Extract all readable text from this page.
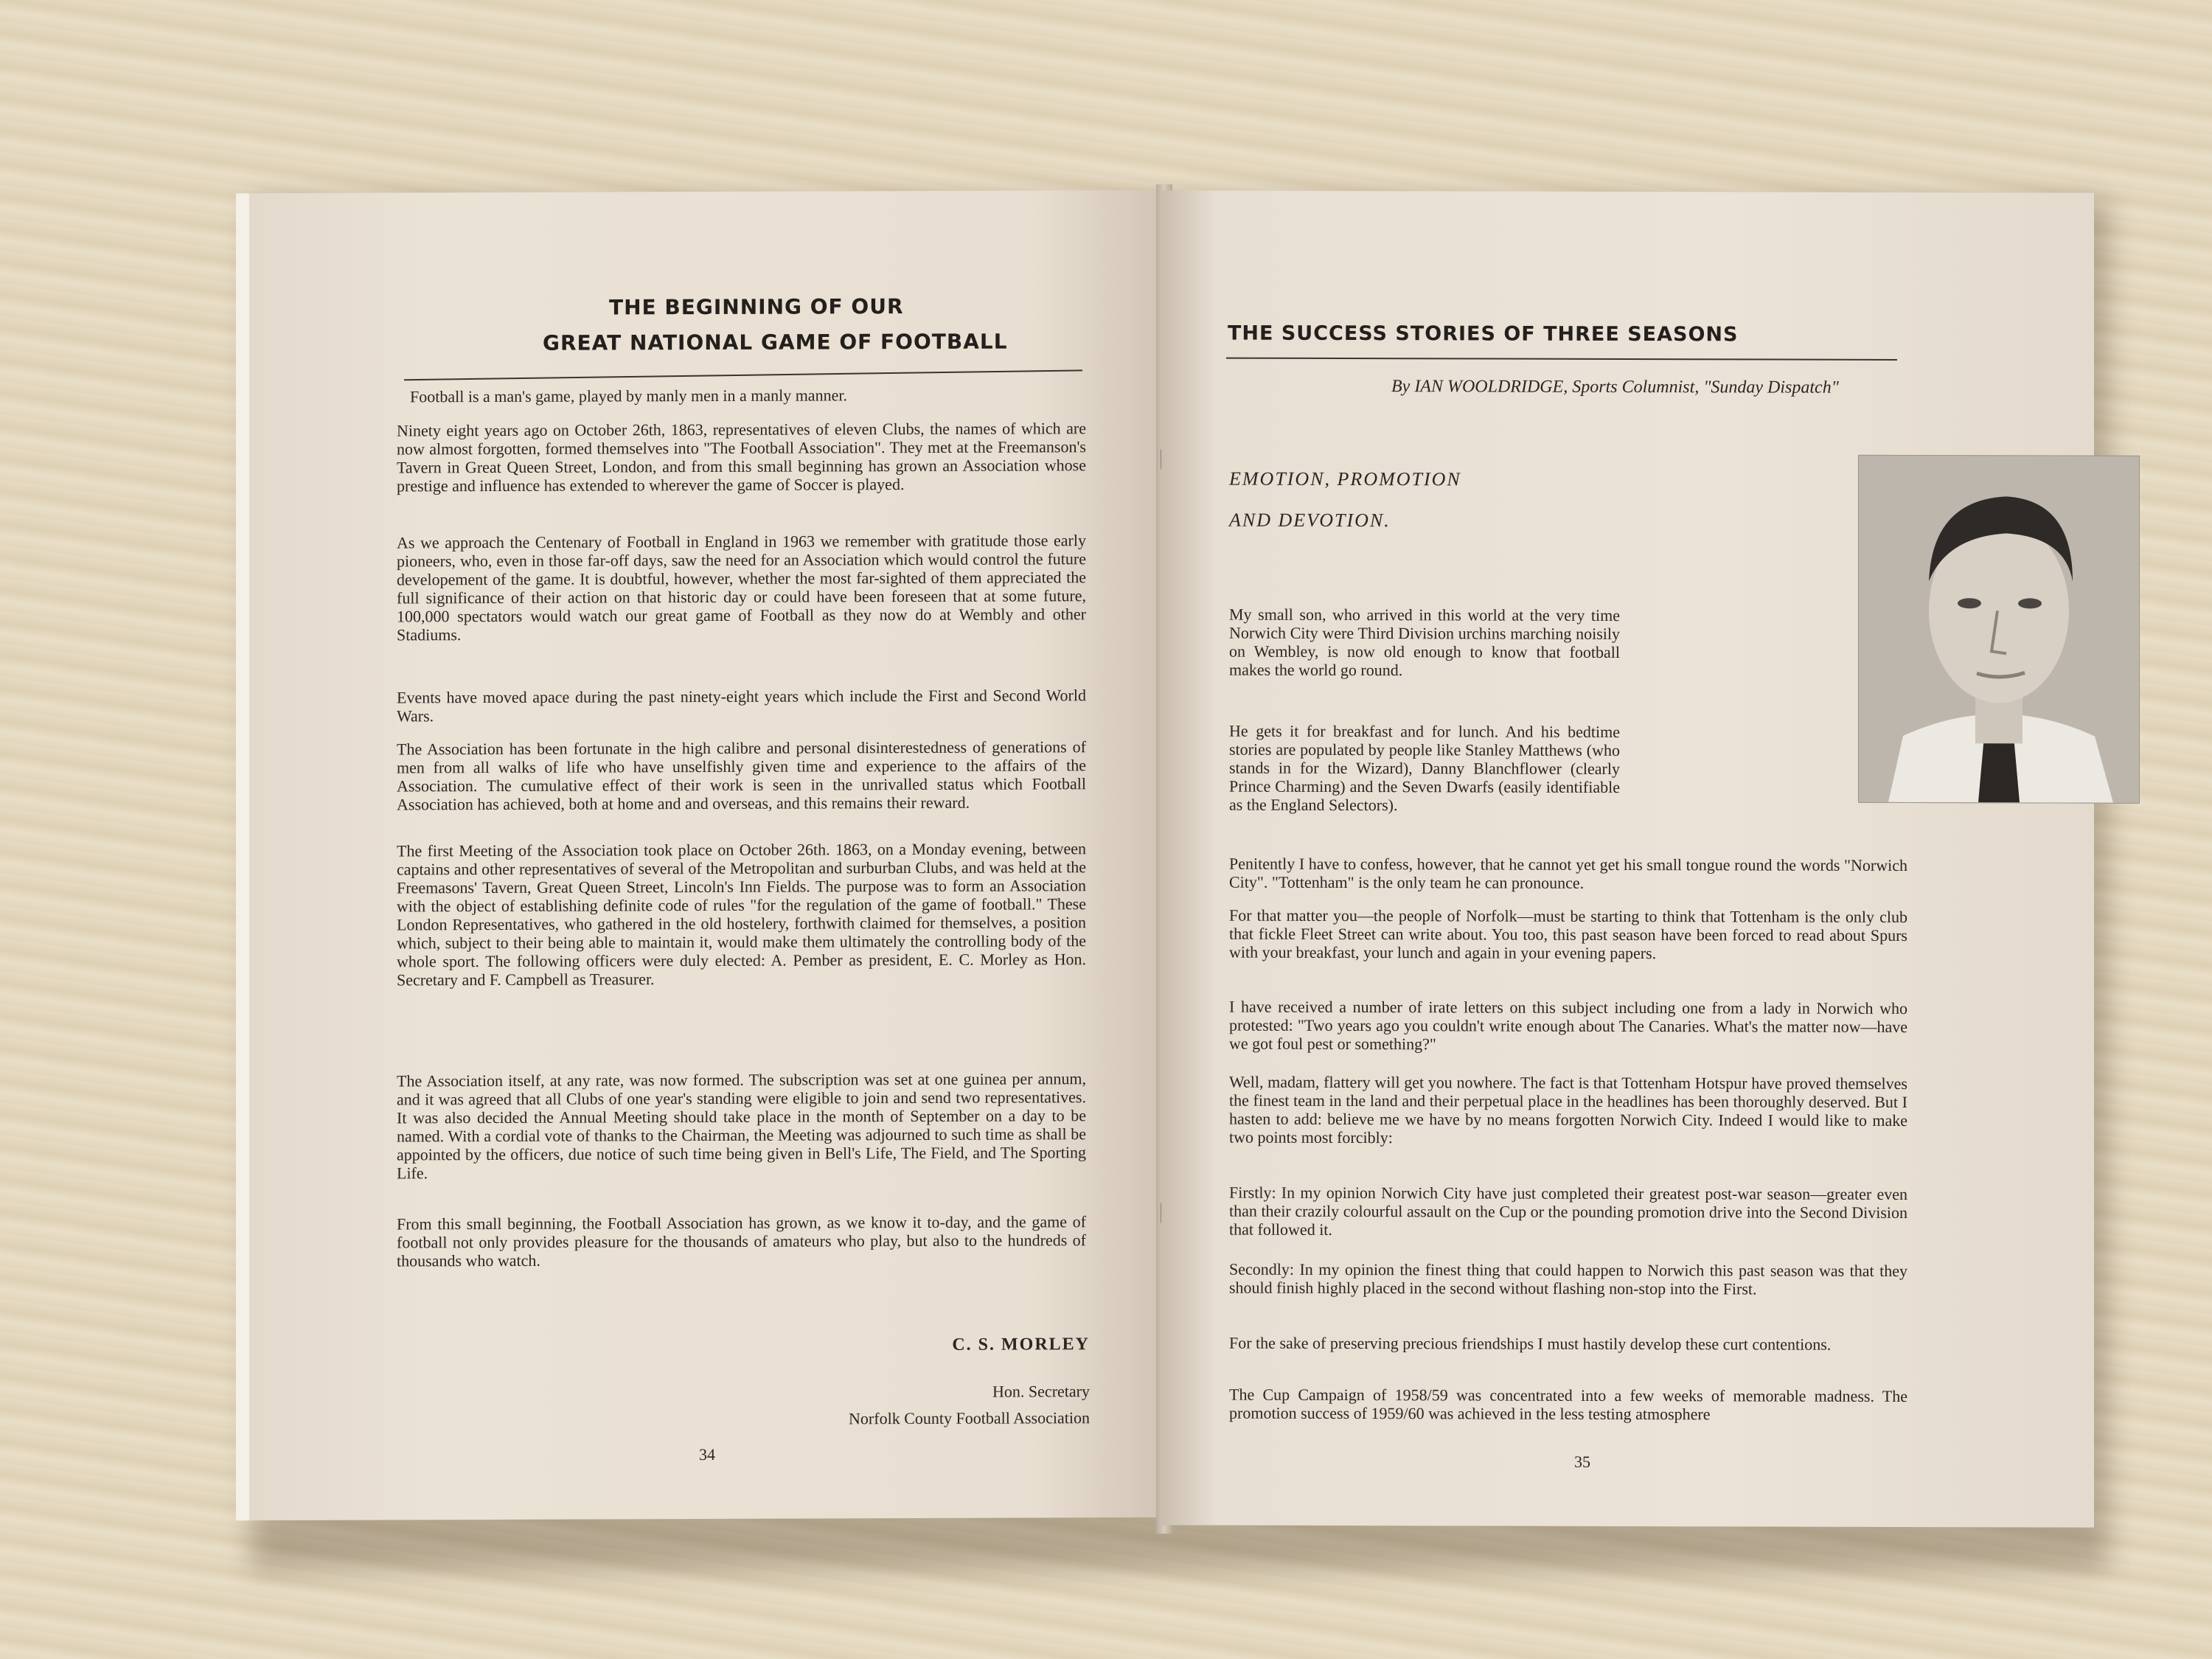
THE BEGINNING OF OUR
GREAT NATIONAL GAME OF FOOTBALL

Football is a man's game, played by manly men in a manly manner.

Ninety eight years ago on October 26th, 1863, representatives of eleven Clubs, the names of which are now almost forgotten, formed themselves into "The Football Association". They met at the Freemanson's Tavern in Great Queen Street, London, and from this small beginning has grown an Association whose prestige and influence has extended to wherever the game of Soccer is played.

As we approach the Centenary of Football in England in 1963 we remember with gratitude those early pioneers, who, even in those far-off days, saw the need for an Association which would control the future developement of the game. It is doubtful, however, whether the most far-sighted of them appreciated the full significance of their action on that historic day or could have been foreseen that at some future, 100,000 spectators would watch our great game of Football as they now do at Wembly and other Stadiums.

Events have moved apace during the past ninety-eight years which include the First and Second World Wars.

The Association has been fortunate in the high calibre and personal disinterestedness of generations of men from all walks of life who have unselfishly given time and experience to the affairs of the Association. The cumulative effect of their work is seen in the unrivalled status which Football Association has achieved, both at home and and overseas, and this remains their reward.

The first Meeting of the Association took place on October 26th. 1863, on a Monday evening, between captains and other representatives of several of the Metropolitan and surburban Clubs, and was held at the Freemasons' Tavern, Great Queen Street, Lincoln's Inn Fields. The purpose was to form an Association with the object of establishing definite code of rules "for the regulation of the game of football." These London Representatives, who gathered in the old hostelery, forthwith claimed for themselves, a position which, subject to their being able to maintain it, would make them ultimately the controlling body of the whole sport. The following officers were duly elected: A. Pember as president, E. C. Morley as Hon. Secretary and F. Campbell as Treasurer.

The Association itself, at any rate, was now formed. The subscription was set at one guinea per annum, and it was agreed that all Clubs of one year's standing were eligible to join and send two representatives. It was also decided the Annual Meeting should take place in the month of September on a day to be named. With a cordial vote of thanks to the Chairman, the Meeting was adjourned to such time as shall be appointed by the officers, due notice of such time being given in Bell's Life, The Field, and The Sporting Life.

From this small beginning, the Football Association has grown, as we know it to-day, and the game of football not only provides pleasure for the thousands of amateurs who play, but also to the hundreds of thousands who watch.

C. S. MORLEY
Hon. Secretary
Norfolk County Football Association
34
THE SUCCESS STORIES OF THREE SEASONS
By IAN WOOLDRIDGE, Sports Columnist, "Sunday Dispatch"
EMOTION, PROMOTION
AND DEVOTION.

My small son, who arrived in this world at the very time Norwich City were Third Division urchins marching noisily on Wembley, is now old enough to know that football makes the world go round.

He gets it for breakfast and for lunch. And his bedtime stories are populated by people like Stanley Matthews (who stands in for the Wizard), Danny Blanchflower (clearly Prince Charming) and the Seven Dwarfs (easily identifiable as the England Selectors).

Penitently I have to confess, however, that he cannot yet get his small tongue round the words "Norwich City". "Tottenham" is the only team he can pronounce.

For that matter you—the people of Norfolk—must be starting to think that Tottenham is the only club that fickle Fleet Street can write about. You too, this past season have been forced to read about Spurs with your breakfast, your lunch and again in your evening papers.

I have received a number of irate letters on this subject including one from a lady in Norwich who protested: "Two years ago you couldn't write enough about The Canaries. What's the matter now—have we got foul pest or something?"

Well, madam, flattery will get you nowhere. The fact is that Tottenham Hotspur have proved themselves the finest team in the land and their perpetual place in the headlines has been thoroughly deserved. But I hasten to add: believe me we have by no means forgotten Norwich City. Indeed I would like to make two points most forcibly:

Firstly: In my opinion Norwich City have just completed their greatest post-war season—greater even than their crazily colourful assault on the Cup or the pounding promotion drive into the Second Division that followed it.

Secondly: In my opinion the finest thing that could happen to Norwich this past season was that they should finish highly placed in the second without flashing non-stop into the First.

For the sake of preserving precious friendships I must hastily develop these curt contentions.

The Cup Campaign of 1958/59 was concentrated into a few weeks of memorable madness. The promotion success of 1959/60 was achieved in the less testing atmosphere

35
